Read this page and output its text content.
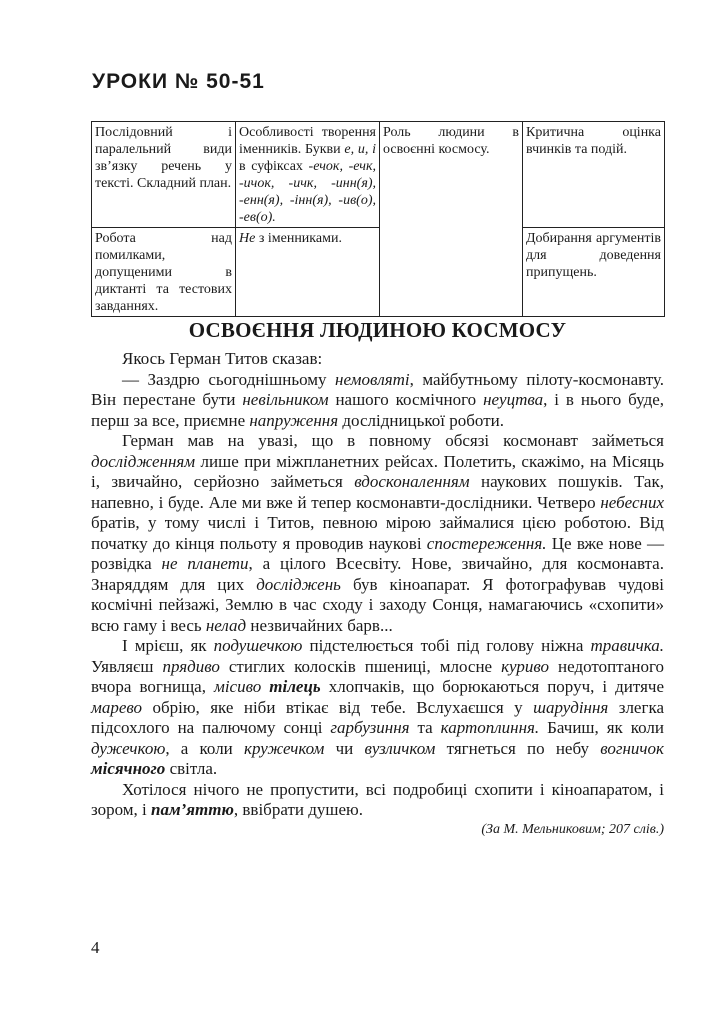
УРОКИ № 50-51
Послідовний і паралельний види зв’язку речень у тексті. Складний план.	Особливості творення іменників. Букви е, и, і в суфіксах -ечок, -ечк, -ичок, -ичк, -инн(я), -енн(я), -інн(я), -ив(о), -ев(о).	Роль людини в освоєнні космосу.	Критична оцінка вчинків та подій.
Робота над помилками, допущеними в диктанті та тестових завданнях.	Не з іменниками.		Добирання аргументів для доведення припущень.
ОСВОЄННЯ ЛЮДИНОЮ КОСМОСУ

Якось Герман Титов сказав:

— Заздрю сьогоднішньому немовляті, майбутньому пілоту-космонавту. Він перестане бути невільником нашого космічного неуцтва, і в нього буде, перш за все, приємне напруження дослідницької роботи.

Герман мав на увазі, що в повному обсязі космонавт займеться дослідженням лише при міжпланетних рейсах. Полетить, скажімо, на Місяць і, звичайно, серйозно займеться вдосконаленням наукових пошуків. Так, напевно, і буде. Але ми вже й тепер космонавти-дослідники. Четверо небесних братів, у тому числі і Титов, певною мірою займалися цією роботою. Від початку до кінця польоту я проводив наукові спостереження. Це вже нове — розвідка не планети, а цілого Всесвіту. Нове, звичайно, для космонавта. Знаряддям для цих досліджень був кіноапарат. Я фотографував чудові космічні пейзажі, Землю в час сходу і заходу Сонця, намагаючись «схопити» всю гаму і весь нелад незвичайних барв...

І мрієш, як подушечкою підстелюється тобі під голову ніжна травичка. Уявляєш прядиво стиглих колосків пшениці, млосне куриво недотоптаного вчора вогнища, місиво тілець хлопчаків, що борюкаються поруч, і дитяче марево обрію, яке ніби втікає від тебе. Вслухаєшся у шарудіння злегка підсохлого на палючому сонці гарбузиння та картоплиння. Бачиш, як коли дужечкою, а коли кружечком чи вузличком тягнеться по небу вогничок місячного світла.

Хотілося нічого не пропустити, всі подробиці схопити і кіноапаратом, і зором, і пам’яттю, ввібрати душею.

(За М. Мельниковим; 207 слів.)

4
